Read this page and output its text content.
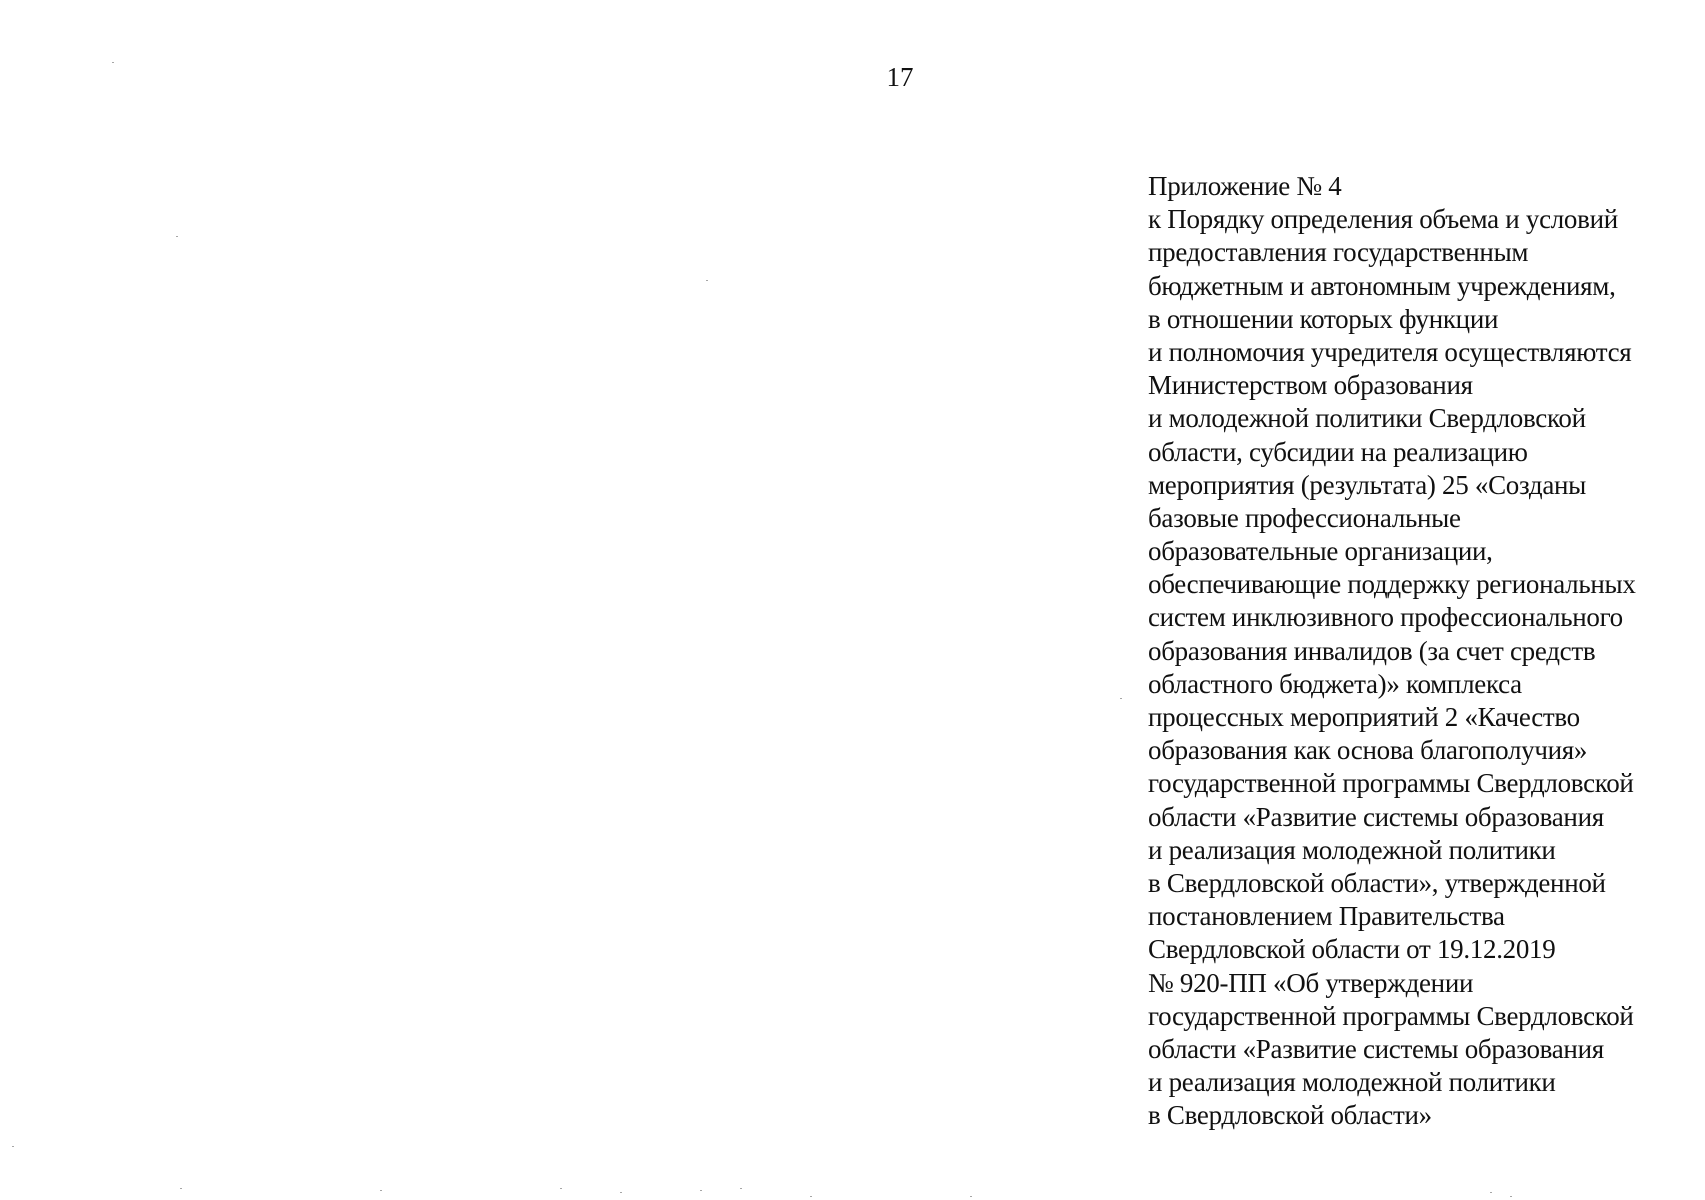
17
Приложение № 4
к Порядку определения объема и условий
предоставления государственным
бюджетным и автономным учреждениям,
в отношении которых функции
и полномочия учредителя осуществляются
Министерством образования
и молодежной политики Свердловской
области, субсидии на реализацию
мероприятия (результата) 25 «Созданы
базовые профессиональные
образовательные организации,
обеспечивающие поддержку региональных
систем инклюзивного профессионального
образования инвалидов (за счет средств
областного бюджета)» комплекса
процессных мероприятий 2 «Качество
образования как основа благополучия»
государственной программы Свердловской
области «Развитие системы образования
и реализация молодежной политики
в Свердловской области», утвержденной
постановлением Правительства
Свердловской области от 19.12.2019
№ 920-ПП «Об утверждении
государственной программы Свердловской
области «Развитие системы образования
и реализация молодежной политики
в Свердловской области»
